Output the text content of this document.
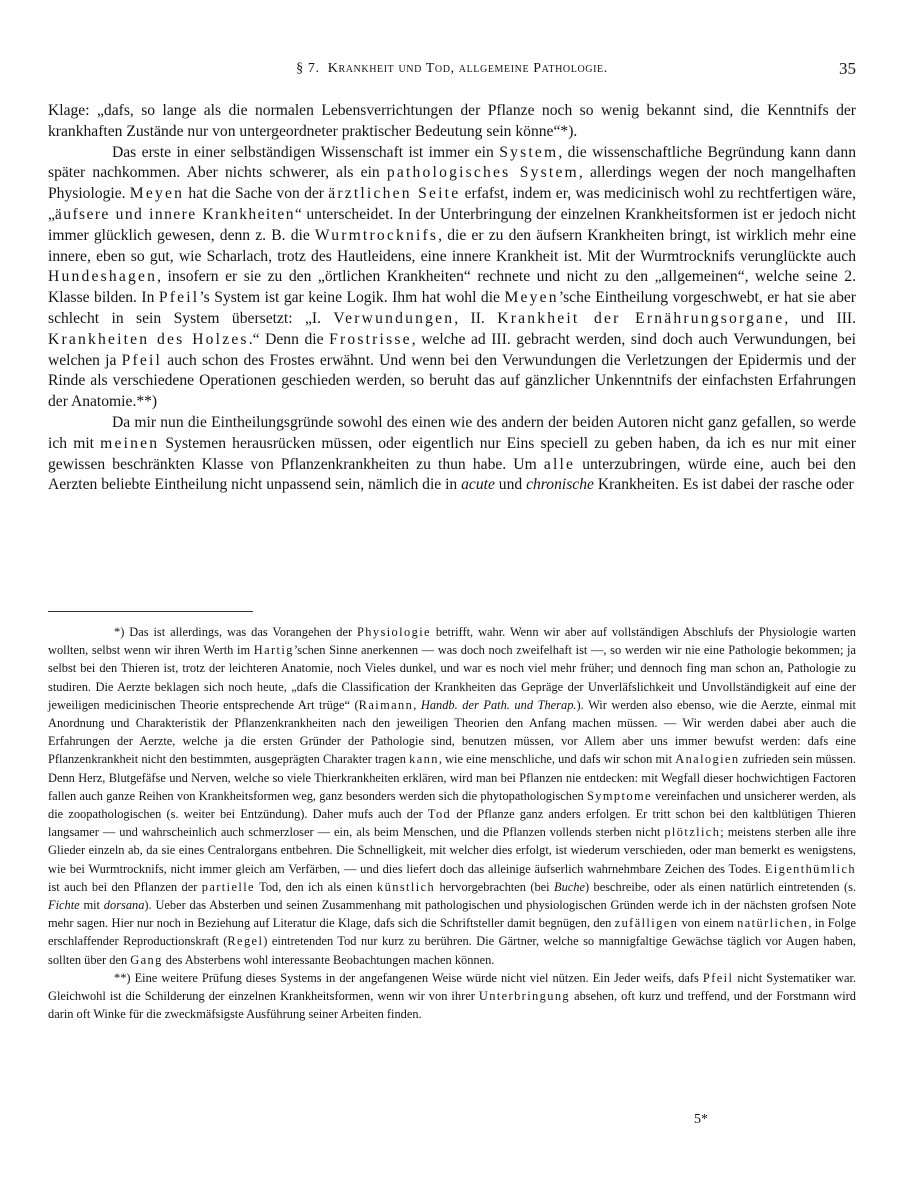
§ 7. Krankheit und Tod, allgemeine Pathologie.	35

Klage: „dafs, so lange als die normalen Lebensverrichtungen der Pflanze noch so wenig bekannt sind, die Kenntnifs der krankhaften Zustände nur von untergeordneter praktischer Bedeutung sein könne“*).

Das erste in einer selbständigen Wissenschaft ist immer ein System, die wissenschaftliche Begründung kann dann später nachkommen. Aber nichts schwerer, als ein pathologisches System, allerdings wegen der noch mangelhaften Physiologie. Meyen hat die Sache von der ärztlichen Seite erfafst, indem er, was medicinisch wohl zu rechtfertigen wäre, „äufsere und innere Krankheiten“ unterscheidet. In der Unterbringung der einzelnen Krankheitsformen ist er jedoch nicht immer glücklich gewesen, denn z. B. die Wurmtrocknifs, die er zu den äufsern Krankheiten bringt, ist wirklich mehr eine innere, eben so gut, wie Scharlach, trotz des Hautleidens, eine innere Krankheit ist. Mit der Wurmtrocknifs verunglückte auch Hundeshagen, insofern er sie zu den „örtlichen Krankheiten“ rechnete und nicht zu den „allgemeinen“, welche seine 2. Klasse bilden. In Pfeil’s System ist gar keine Logik. Ihm hat wohl die Meyen’sche Eintheilung vorgeschwebt, er hat sie aber schlecht in sein System übersetzt: „I. Verwundungen, II. Krankheit der Ernährungsorgane, und III. Krankheiten des Holzes.“ Denn die Frostrisse, welche ad III. gebracht werden, sind doch auch Verwundungen, bei welchen ja Pfeil auch schon des Frostes erwähnt. Und wenn bei den Verwundungen die Verletzungen der Epidermis und der Rinde als verschiedene Operationen geschieden werden, so beruht das auf gänzlicher Unkenntnifs der einfachsten Erfahrungen der Anatomie.**)

Da mir nun die Eintheilungsgründe sowohl des einen wie des andern der beiden Autoren nicht ganz gefallen, so werde ich mit meinen Systemen herausrücken müssen, oder eigentlich nur Eins speciell zu geben haben, da ich es nur mit einer gewissen beschränkten Klasse von Pflanzenkrankheiten zu thun habe. Um alle unterzubringen, würde eine, auch bei den Aerzten beliebte Eintheilung nicht unpassend sein, nämlich die in acute und chronische Krankheiten. Es ist dabei der rasche oder

*) Das ist allerdings, was das Vorangehen der Physiologie betrifft, wahr. Wenn wir aber auf vollständigen Abschlufs der Physiologie warten wollten, selbst wenn wir ihren Werth im Hartig’schen Sinne anerkennen — was doch noch zweifelhaft ist —, so werden wir nie eine Pathologie bekommen; ja selbst bei den Thieren ist, trotz der leichteren Anatomie, noch Vieles dunkel, und war es noch viel mehr früher; und dennoch fing man schon an, Pathologie zu studiren. Die Aerzte beklagen sich noch heute, „dafs die Classification der Krankheiten das Gepräge der Unverläfslichkeit und Unvollständigkeit auf eine der jeweiligen medicinischen Theorie entsprechende Art trüge“ (Raimann, Handb. der Path. und Therap.). Wir werden also ebenso, wie die Aerzte, einmal mit Anordnung und Charakteristik der Pflanzenkrankheiten nach den jeweiligen Theorien den Anfang machen müssen. — Wir werden dabei aber auch die Erfahrungen der Aerzte, welche ja die ersten Gründer der Pathologie sind, benutzen müssen, vor Allem aber uns immer bewufst werden: dafs eine Pflanzenkrankheit nicht den bestimmten, ausgeprägten Charakter tragen kann, wie eine menschliche, und dafs wir schon mit Analogien zufrieden sein müssen. Denn Herz, Blutgefäfse und Nerven, welche so viele Thierkrankheiten erklären, wird man bei Pflanzen nie entdecken: mit Wegfall dieser hochwichtigen Factoren fallen auch ganze Reihen von Krankheitsformen weg, ganz besonders werden sich die phytopathologischen Symptome vereinfachen und unsicherer werden, als die zoopathologischen (s. weiter bei Entzündung). Daher mufs auch der Tod der Pflanze ganz anders erfolgen. Er tritt schon bei den kaltblütigen Thieren langsamer — und wahrscheinlich auch schmerzloser — ein, als beim Menschen, und die Pflanzen vollends sterben nicht plötzlich; meistens sterben alle ihre Glieder einzeln ab, da sie eines Centralorgans entbehren. Die Schnelligkeit, mit welcher dies erfolgt, ist wiederum verschieden, oder man bemerkt es wenigstens, wie bei Wurmtrocknifs, nicht immer gleich am Verfärben, — und dies liefert doch das alleinige äufserlich wahrnehmbare Zeichen des Todes. Eigenthümlich ist auch bei den Pflanzen der partielle Tod, den ich als einen künstlich hervorgebrachten (bei Buche) beschreibe, oder als einen natürlich eintretenden (s. Fichte mit dorsana). Ueber das Absterben und seinen Zusammenhang mit pathologischen und physiologischen Gründen werde ich in der nächsten grofsen Note mehr sagen. Hier nur noch in Beziehung auf Literatur die Klage, dafs sich die Schriftsteller damit begnügen, den zufälligen von einem natürlichen, in Folge erschlaffender Reproductionskraft (Regel) eintretenden Tod nur kurz zu berühren. Die Gärtner, welche so mannigfaltige Gewächse täglich vor Augen haben, sollten über den Gang des Absterbens wohl interessante Beobachtungen machen können.

**) Eine weitere Prüfung dieses Systems in der angefangenen Weise würde nicht viel nützen. Ein Jeder weifs, dafs Pfeil nicht Systematiker war. Gleichwohl ist die Schilderung der einzelnen Krankheitsformen, wenn wir von ihrer Unterbringung absehen, oft kurz und treffend, und der Forstmann wird darin oft Winke für die zweckmäfsigste Ausführung seiner Arbeiten finden.

5*
